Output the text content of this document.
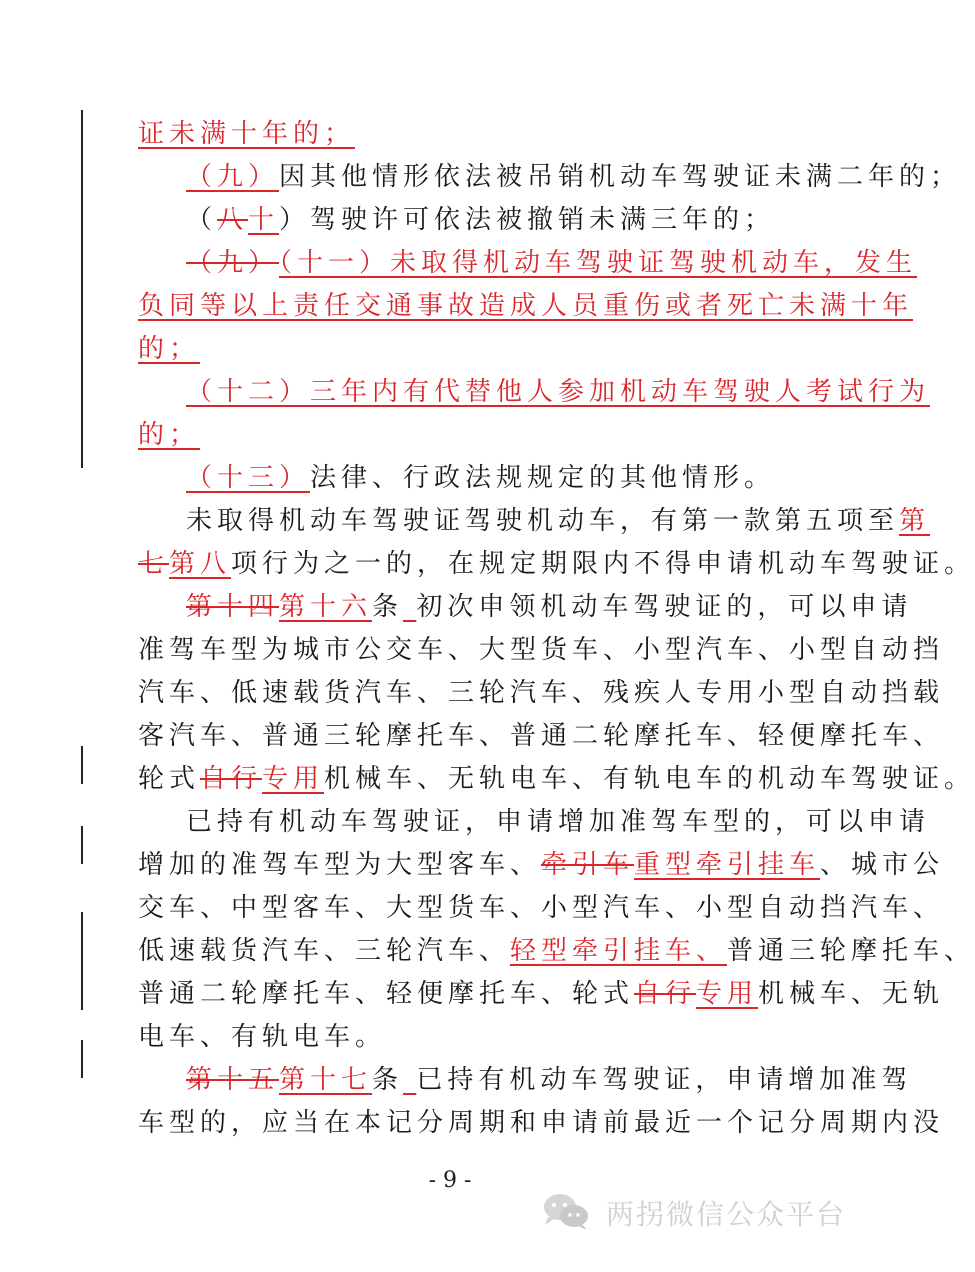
证未满十年的；
（九）因其他情形依法被吊销机动车驾驶证未满二年的；
（八十）驾驶许可依法被撤销未满三年的；
（九）（十一）未取得机动车驾驶证驾驶机动车，发生
负同等以上责任交通事故造成人员重伤或者死亡未满十年
的；
（十二）三年内有代替他人参加机动车驾驶人考试行为
的；
（十三）法律、行政法规规定的其他情形。
未取得机动车驾驶证驾驶机动车，有第一款第五项至第
七第八项行为之一的，在规定期限内不得申请机动车驾驶证。
第十四第十六条 初次申领机动车驾驶证的，可以申请
准驾车型为城市公交车、大型货车、小型汽车、小型自动挡
汽车、低速载货汽车、三轮汽车、残疾人专用小型自动挡载
客汽车、普通三轮摩托车、普通二轮摩托车、轻便摩托车、
轮式自行专用机械车、无轨电车、有轨电车的机动车驾驶证。
已持有机动车驾驶证，申请增加准驾车型的，可以申请
增加的准驾车型为大型客车、牵引车重型牵引挂车、城市公
交车、中型客车、大型货车、小型汽车、小型自动挡汽车、
低速载货汽车、三轮汽车、轻型牵引挂车、普通三轮摩托车、
普通二轮摩托车、轻便摩托车、轮式自行专用机械车、无轨
电车、有轨电车。
第十五第十七条 已持有机动车驾驶证，申请增加准驾
车型的，应当在本记分周期和申请前最近一个记分周期内没
- 9 -
两拐微信公众平台
